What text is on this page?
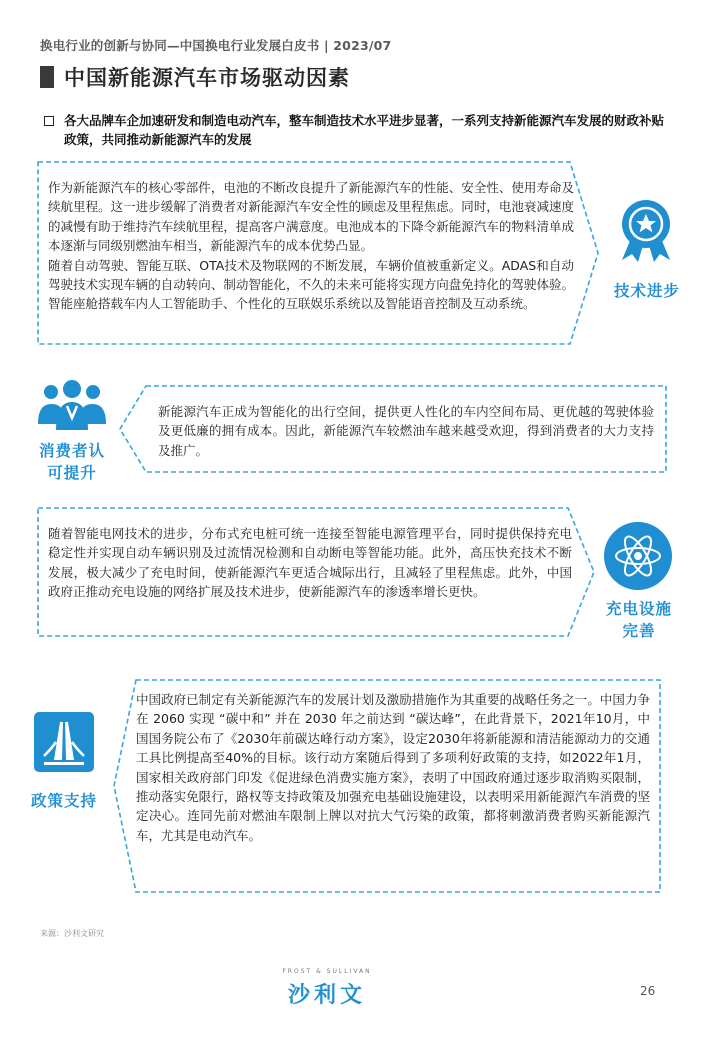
换电行业的创新与协同—中国换电行业发展白皮书 | 2023/07
中国新能源汽车市场驱动因素
各大品牌车企加速研发和制造电动汽车，整车制造技术水平进步显著，一系列支持新能源汽车发展的财政补贴政策，共同推动新能源汽车的发展

作为新能源汽车的核心零部件，电池的不断改良提升了新能源汽车的性能、安全性、使用寿命及续航里程。这一进步缓解了消费者对新能源汽车安全性的顾虑及里程焦虑。同时，电池衰减速度的减慢有助于维持汽车续航里程，提高客户满意度。电池成本的下降令新能源汽车的物料清单成本逐渐与同级别燃油车相当，新能源汽车的成本优势凸显。

随着自动驾驶、智能互联、OTA技术及物联网的不断发展，车辆价值被重新定义。ADAS和自动驾驶技术实现车辆的自动转向、制动智能化，不久的未来可能将实现方向盘免持化的驾驶体验。智能座舱搭载车内人工智能助手、个性化的互联娱乐系统以及智能语音控制及互动系统。

技术进步
消费者认
可提升

新能源汽车正成为智能化的出行空间，提供更人性化的车内空间布局、更优越的驾驶体验及更低廉的拥有成本。因此，新能源汽车较燃油车越来越受欢迎，得到消费者的大力支持及推广。

随着智能电网技术的进步，分布式充电桩可统一连接至智能电源管理平台，同时提供保持充电稳定性并实现自动车辆识别及过流情况检测和自动断电等智能功能。此外，高压快充技术不断发展，极大减少了充电时间，使新能源汽车更适合城际出行，且减轻了里程焦虑。此外，中国政府正推动充电设施的网络扩展及技术进步，使新能源汽车的渗透率增长更快。

充电设施
完善
政策支持

中国政府已制定有关新能源汽车的发展计划及激励措施作为其重要的战略任务之一。中国力争在 2060 实现 “碳中和” 并在 2030 年之前达到 “碳达峰”，在此背景下，2021年10月，中国国务院公布了《2030年前碳达峰行动方案》，设定2030年将新能源和清洁能源动力的交通工具比例提高至40%的目标。该行动方案随后得到了多项利好政策的支持，如2022年1月，国家相关政府部门印发《促进绿色消费实施方案》，表明了中国政府通过逐步取消购买限制，推动落实免限行，路权等支持政策及加强充电基础设施建设，以表明采用新能源汽车消费的坚定决心。连同先前对燃油车限制上牌以对抗大气污染的政策，都将刺激消费者购买新能源汽车，尤其是电动汽车。

来源：沙利文研究
FROST & SULLIVAN
沙利文	26
